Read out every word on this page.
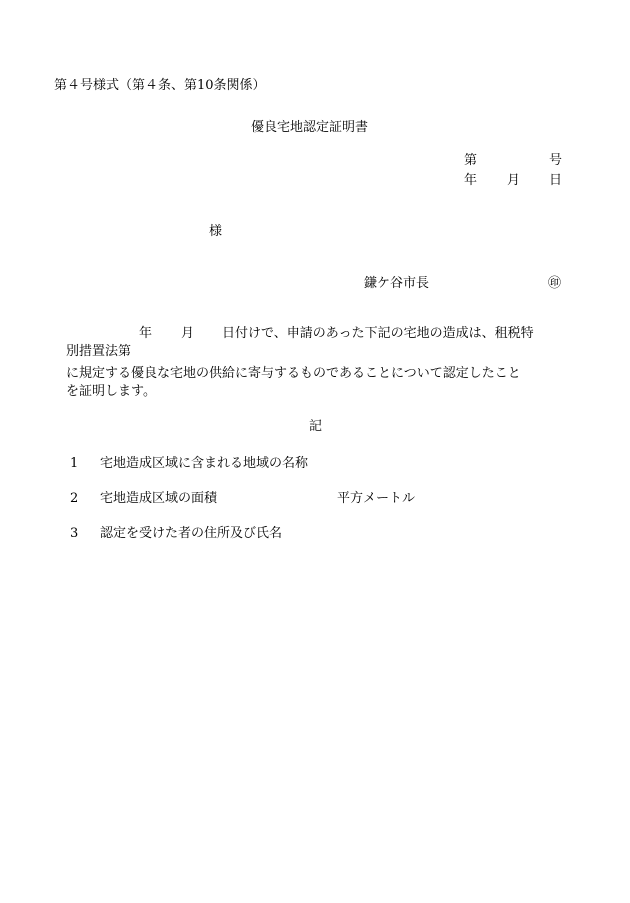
第４号様式（第４条、第10条関係）
優良宅地認定証明書
第	号
年 月 日
様
鎌ケ谷市長	㊞
年 月 日付けで、申請のあった下記の宅地の造成は、租税特
別措置法第
に規定する優良な宅地の供給に寄与するものであることについて認定したこと
を証明します。
記
1 宅地造成区域に含まれる地域の名称
2 宅地造成区域の面積	平方メートル
3 認定を受けた者の住所及び氏名
